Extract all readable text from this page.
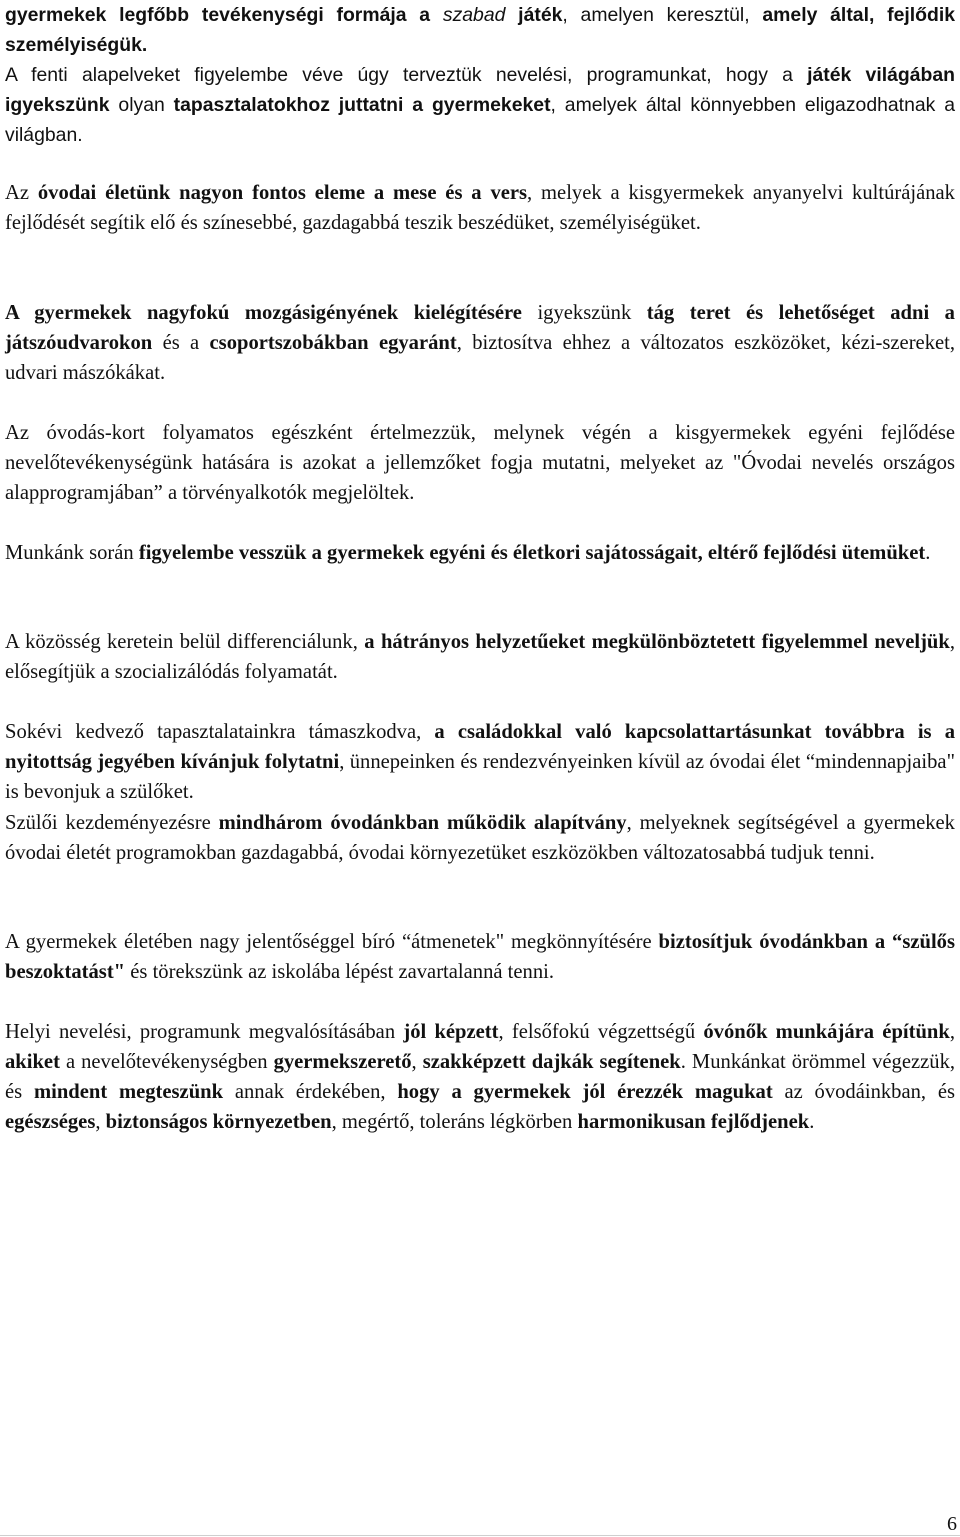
gyermekek legfőbb tevékenységi formája a szabad játék, amelyen keresztül, amely által, fejlődik személyiségük.
A fenti alapelveket figyelembe véve úgy terveztük nevelési, programunkat, hogy a játék világában igyekszünk olyan tapasztalatokhoz juttatni a gyermekeket, amelyek által könnyebben eligazodhatnak a világban.
Az óvodai életünk nagyon fontos eleme a mese és a vers, melyek a kisgyermekek anyanyelvi kultúrájának fejlődését segítik elő és színesebbé, gazdagabbá teszik beszédüket, személyiségüket.
A gyermekek nagyfokú mozgásigényének kielégítésére igyekszünk tág teret és lehetőséget adni a játszóudvarokon és a csoportszobákban egyaránt, biztosítva ehhez a változatos eszközöket, kézi-szereket, udvari mászókákat.
Az óvodás-kort folyamatos egészként értelmezzük, melynek végén a kisgyermekek egyéni fejlődése nevelőtevékenységünk hatására is azokat a jellemzőket fogja mutatni, melyeket az "Óvodai nevelés országos alapprogramjában” a törvényalkotók megjelöltek.
Munkánk során figyelembe vesszük a gyermekek egyéni és életkori sajátosságait, eltérő fejlődési ütemüket.
A közösség keretein belül differenciálunk, a hátrányos helyzetűeket megkülönböztetett figyelemmel neveljük, elősegítjük a szocializálódás folyamatát.
Sokévi kedvező tapasztalatainkra támaszkodva, a családokkal való kapcsolattartásunkat továbbra is a nyitottság jegyében kívánjuk folytatni, ünnepeinken és rendezvényeinken kívül az óvodai élet “mindennapjaiba" is bevonjuk a szülőket.
Szülői kezdeményezésre mindhárom óvodánkban működik alapítvány, melyeknek segítségével a gyermekek óvodai életét programokban gazdagabbá, óvodai környezetüket eszközökben változatosabbá tudjuk tenni.
A gyermekek életében nagy jelentőséggel bíró “átmenetek" megkönnyítésére biztosítjuk óvodánkban a “szülős beszoktatást" és törekszünk az iskolába lépést zavartalanná tenni.
Helyi nevelési, programunk megvalósításában jól képzett, felsőfokú végzettségű óvónők munkájára építünk, akiket a nevelőtevékenységben gyermekszerető, szakképzett dajkák segítenek. Munkánkat örömmel végezzük, és mindent megteszünk annak érdekében, hogy a gyermekek jól érezzék magukat az óvodáinkban, és egészséges, biztonságos környezetben, megértő, toleráns légkörben harmonikusan fejlődjenek.
6
